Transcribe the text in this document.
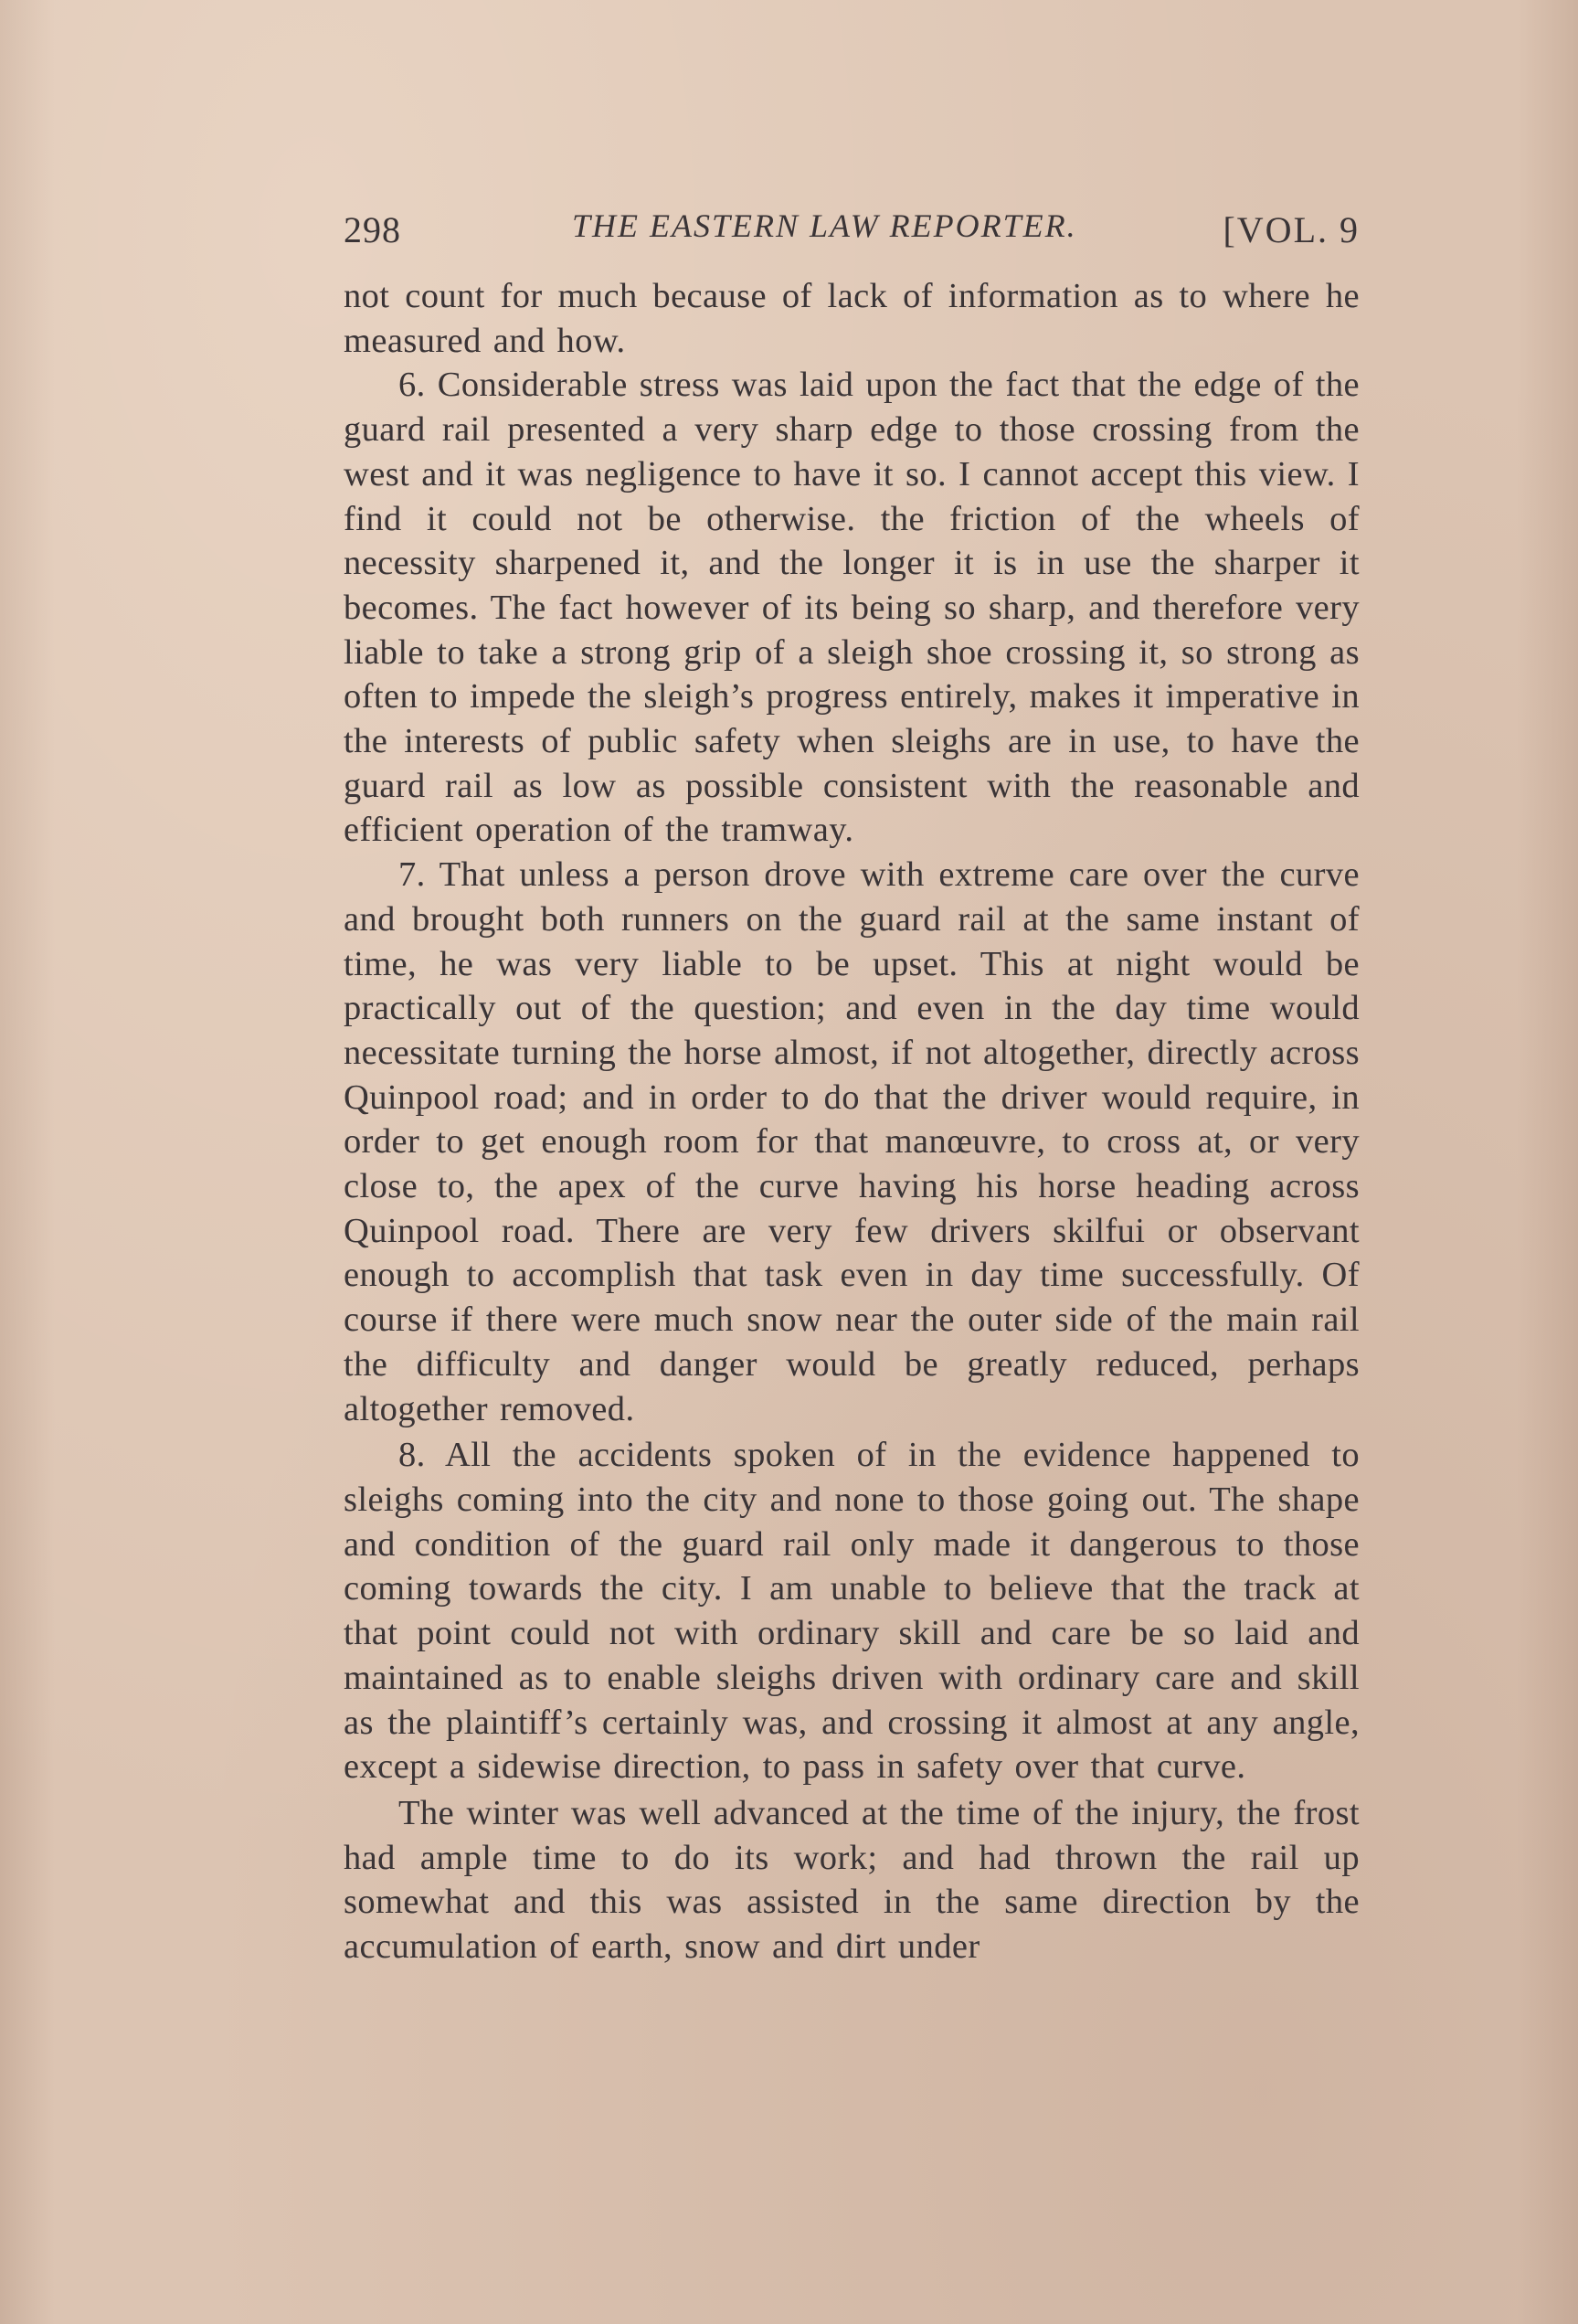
298	THE EASTERN LAW REPORTER.	[VOL. 9

not count for much because of lack of information as to where he measured and how.

6. Considerable stress was laid upon the fact that the edge of the guard rail presented a very sharp edge to those crossing from the west and it was negligence to have it so. I cannot accept this view. I find it could not be otherwise. the friction of the wheels of necessity sharpened it, and the longer it is in use the sharper it becomes. The fact however of its being so sharp, and therefore very liable to take a strong grip of a sleigh shoe crossing it, so strong as often to impede the sleigh’s progress entirely, makes it imperative in the interests of public safety when sleighs are in use, to have the guard rail as low as possible consistent with the reasonable and efficient operation of the tramway.

7. That unless a person drove with extreme care over the curve and brought both runners on the guard rail at the same instant of time, he was very liable to be upset. This at night would be practically out of the question; and even in the day time would necessitate turning the horse almost, if not altogether, directly across Quinpool road; and in order to do that the driver would require, in order to get enough room for that manœuvre, to cross at, or very close to, the apex of the curve having his horse heading across Quinpool road. There are very few drivers skilfui or observant enough to accomplish that task even in day time successfully. Of course if there were much snow near the outer side of the main rail the difficulty and danger would be greatly reduced, perhaps altogether removed.

8. All the accidents spoken of in the evidence happened to sleighs coming into the city and none to those going out. The shape and condition of the guard rail only made it dangerous to those coming towards the city. I am unable to believe that the track at that point could not with ordinary skill and care be so laid and maintained as to enable sleighs driven with ordinary care and skill as the plaintiff’s certainly was, and crossing it almost at any angle, except a sidewise direction, to pass in safety over that curve.

The winter was well advanced at the time of the injury, the frost had ample time to do its work; and had thrown the rail up somewhat and this was assisted in the same direction by the accumulation of earth, snow and dirt under
